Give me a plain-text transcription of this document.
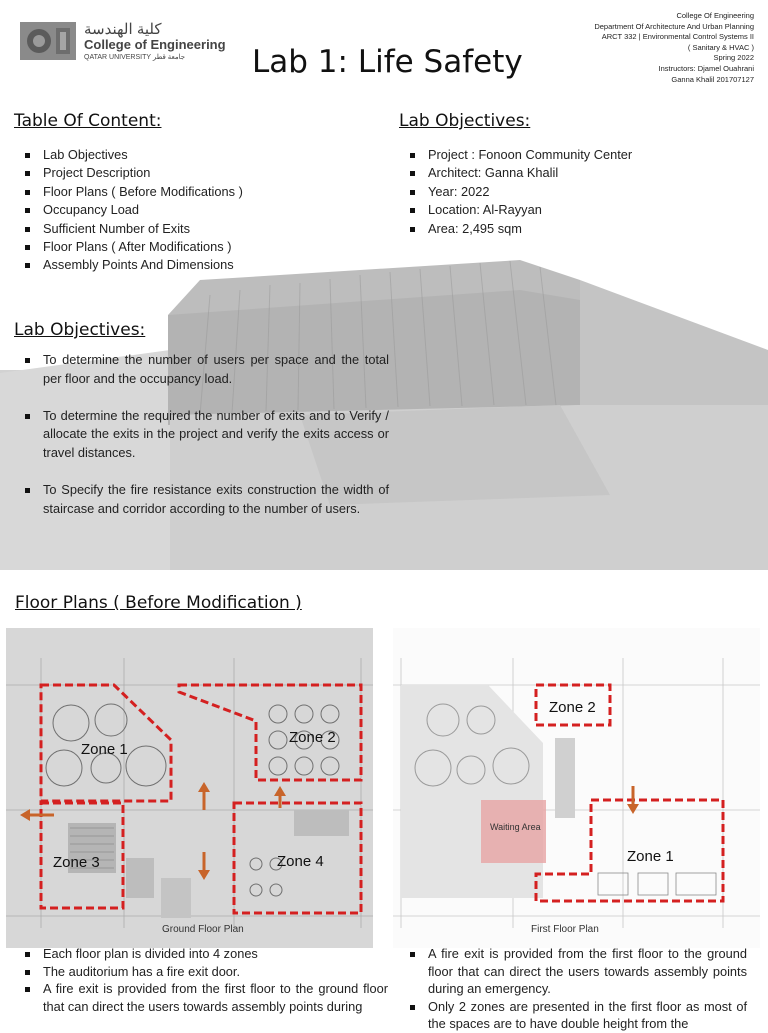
كلية الهندسة
College of Engineering
QATAR UNIVERSITY جامعة قطر Lab 1: Life Safety
College Of Engineering
Department Of Architecture And Urban Planning
ARCT 332 | Environmental Control Systems II
( Sanitary & HVAC )
Spring 2022
Instructors: Djamel Ouahrani
Ganna Khalil 201707127
Table Of Content:
Lab Objectives
Project Description
Floor Plans ( Before Modifications )
Occupancy Load
Sufficient Number of Exits
Floor Plans ( After Modifications )
Assembly Points And Dimensions
Lab Objectives:
Project : Fonoon Community Center
Architect: Ganna Khalil
Year: 2022
Location: Al-Rayyan
Area: 2,495 sqm
Lab Objectives:
To determine the number of users per space and the total per floor and the occupancy load.
To determine the required the number of exits and to Verify / allocate the exits in the project and verify the exits access or travel distances.
To Specify the fire resistance exits construction the width of staircase and corridor according to the number of users.
Floor Plans ( Before Modification )
Zone 1
Zone 2
Zone 3	Zone 4
Ground Floor Plan
Waiting Area
Zone 2
Zone 1
First Floor Plan
Each floor plan is divided into 4 zones
The auditorium has a fire exit door.
A fire exit is provided from the first floor to the ground floor that can direct the users towards assembly points during
A fire exit is provided from the first floor to the ground floor that can direct the users towards assembly points during an emergency.
Only 2 zones are presented in the first floor as most of the spaces are to have double height from the
